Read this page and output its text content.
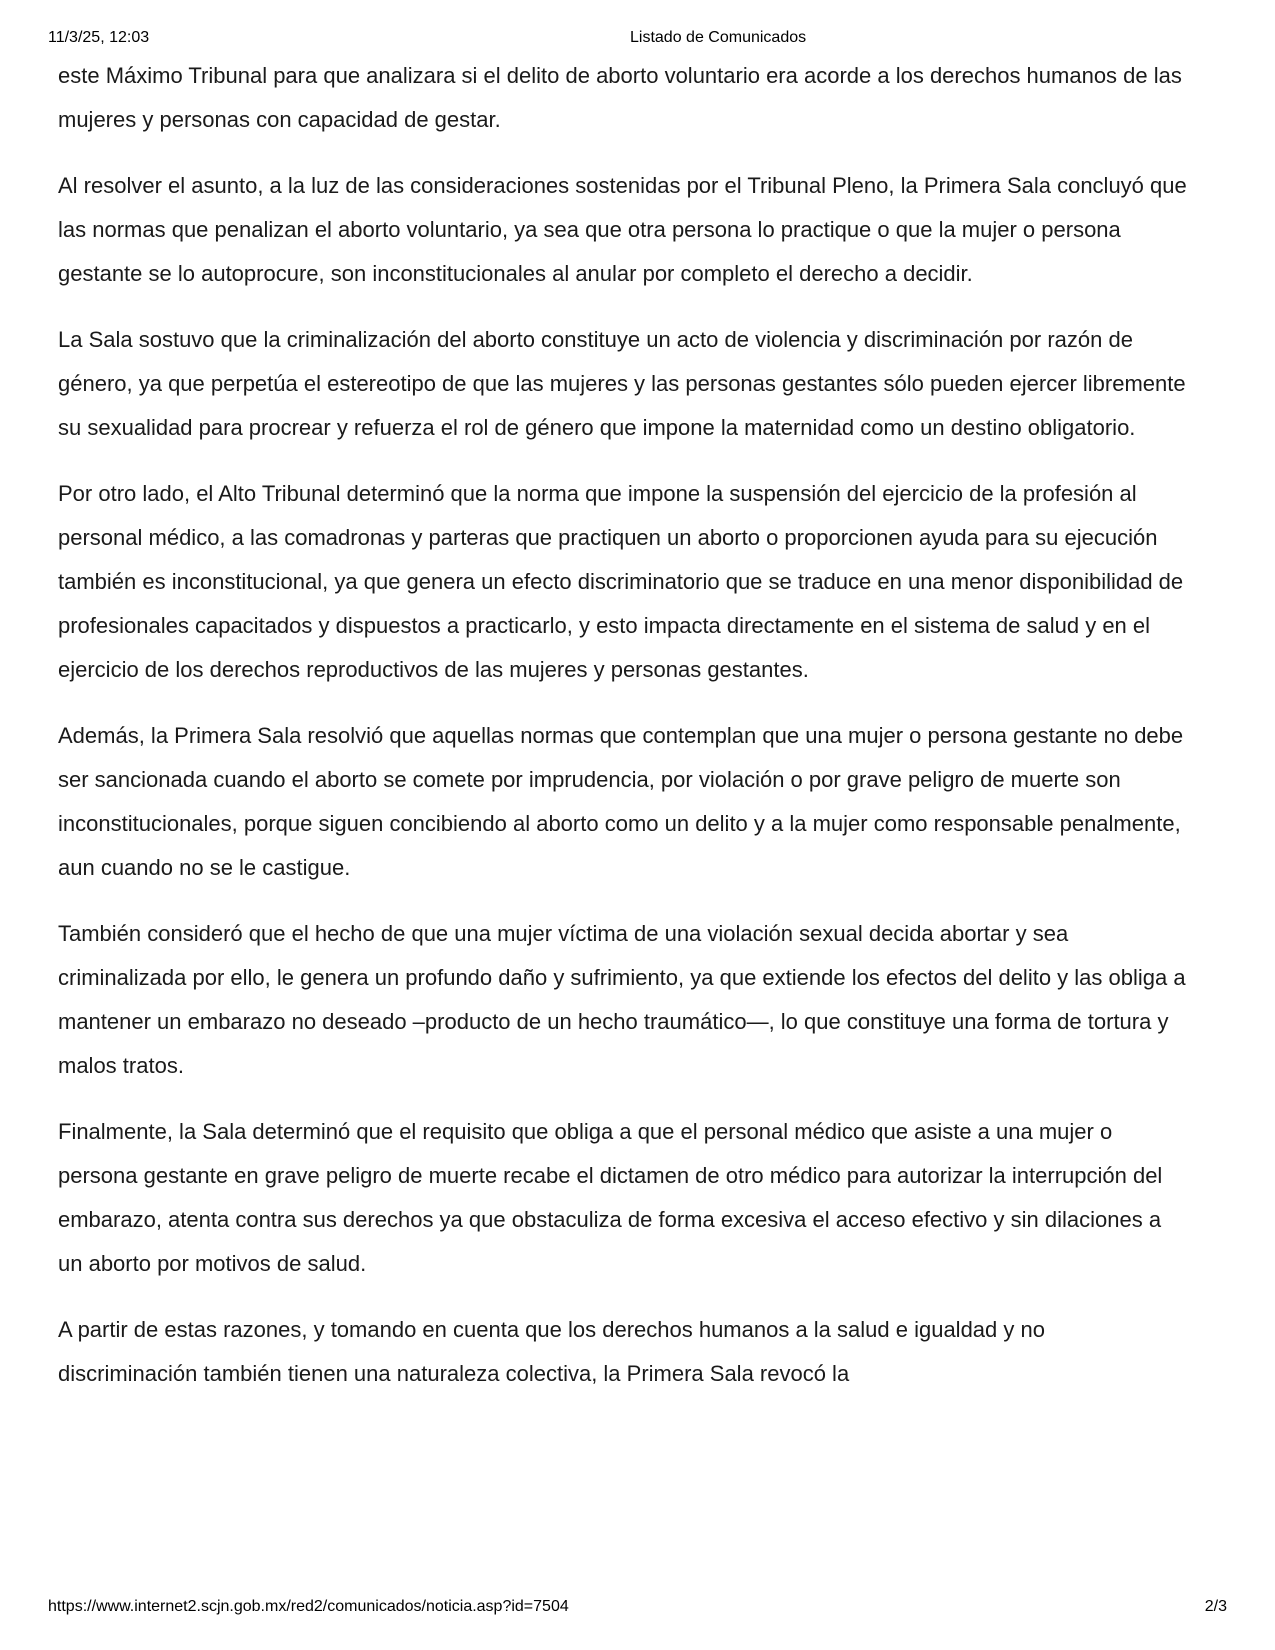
11/3/25, 12:03	Listado de Comunicados

este Máximo Tribunal para que analizara si el delito de aborto voluntario era acorde a los derechos humanos de las mujeres y personas con capacidad de gestar.

Al resolver el asunto, a la luz de las consideraciones sostenidas por el Tribunal Pleno, la Primera Sala concluyó que las normas que penalizan el aborto voluntario, ya sea que otra persona lo practique o que la mujer o persona gestante se lo autoprocure, son inconstitucionales al anular por completo el derecho a decidir.

La Sala sostuvo que la criminalización del aborto constituye un acto de violencia y discriminación por razón de género, ya que perpetúa el estereotipo de que las mujeres y las personas gestantes sólo pueden ejercer libremente su sexualidad para procrear y refuerza el rol de género que impone la maternidad como un destino obligatorio.

Por otro lado, el Alto Tribunal determinó que la norma que impone la suspensión del ejercicio de la profesión al personal médico, a las comadronas y parteras que practiquen un aborto o proporcionen ayuda para su ejecución también es inconstitucional, ya que genera un efecto discriminatorio que se traduce en una menor disponibilidad de profesionales capacitados y dispuestos a practicarlo, y esto impacta directamente en el sistema de salud y en el ejercicio de los derechos reproductivos de las mujeres y personas gestantes.

Además, la Primera Sala resolvió que aquellas normas que contemplan que una mujer o persona gestante no debe ser sancionada cuando el aborto se comete por imprudencia, por violación o por grave peligro de muerte son inconstitucionales, porque siguen concibiendo al aborto como un delito y a la mujer como responsable penalmente, aun cuando no se le castigue.

También consideró que el hecho de que una mujer víctima de una violación sexual decida abortar y sea criminalizada por ello, le genera un profundo daño y sufrimiento, ya que extiende los efectos del delito y las obliga a mantener un embarazo no deseado –producto de un hecho traumático—, lo que constituye una forma de tortura y malos tratos.

Finalmente, la Sala determinó que el requisito que obliga a que el personal médico que asiste a una mujer o persona gestante en grave peligro de muerte recabe el dictamen de otro médico para autorizar la interrupción del embarazo, atenta contra sus derechos ya que obstaculiza de forma excesiva el acceso efectivo y sin dilaciones a un aborto por motivos de salud.

A partir de estas razones, y tomando en cuenta que los derechos humanos a la salud e igualdad y no discriminación también tienen una naturaleza colectiva, la Primera Sala revocó la

https://www.internet2.scjn.gob.mx/red2/comunicados/noticia.asp?id=7504	2/3
